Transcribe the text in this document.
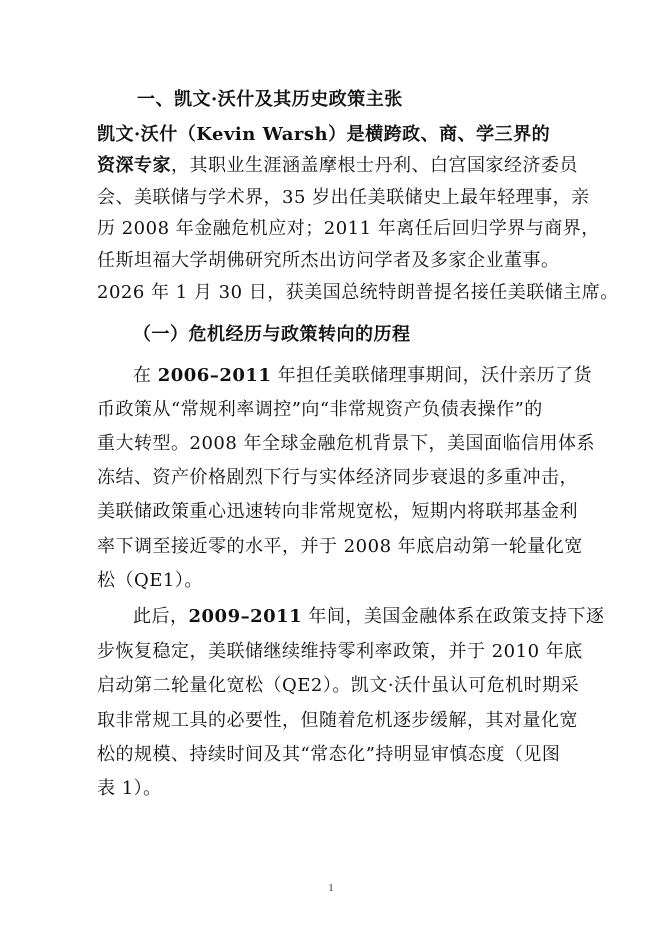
一、凯文·沃什及其历史政策主张
凯文·沃什（Kevin Warsh）是横跨政、商、学三界的
资深专家，其职业生涯涵盖摩根士丹利、白宫国家经济委员
会、美联储与学术界，35 岁出任美联储史上最年轻理事，亲
历 2008 年金融危机应对；2011 年离任后回归学界与商界，
任斯坦福大学胡佛研究所杰出访问学者及多家企业董事。
2026 年 1 月 30 日，获美国总统特朗普提名接任美联储主席。
（一）危机经历与政策转向的历程
在 2006–2011 年担任美联储理事期间，沃什亲历了货
币政策从“常规利率调控”向“非常规资产负债表操作”的
重大转型。2008 年全球金融危机背景下，美国面临信用体系
冻结、资产价格剧烈下行与实体经济同步衰退的多重冲击，
美联储政策重心迅速转向非常规宽松，短期内将联邦基金利
率下调至接近零的水平，并于 2008 年底启动第一轮量化宽
松（QE1）。
此后，2009–2011 年间，美国金融体系在政策支持下逐
步恢复稳定，美联储继续维持零利率政策，并于 2010 年底
启动第二轮量化宽松（QE2）。凯文·沃什虽认可危机时期采
取非常规工具的必要性，但随着危机逐步缓解，其对量化宽
松的规模、持续时间及其“常态化”持明显审慎态度（见图
表 1）。
1
